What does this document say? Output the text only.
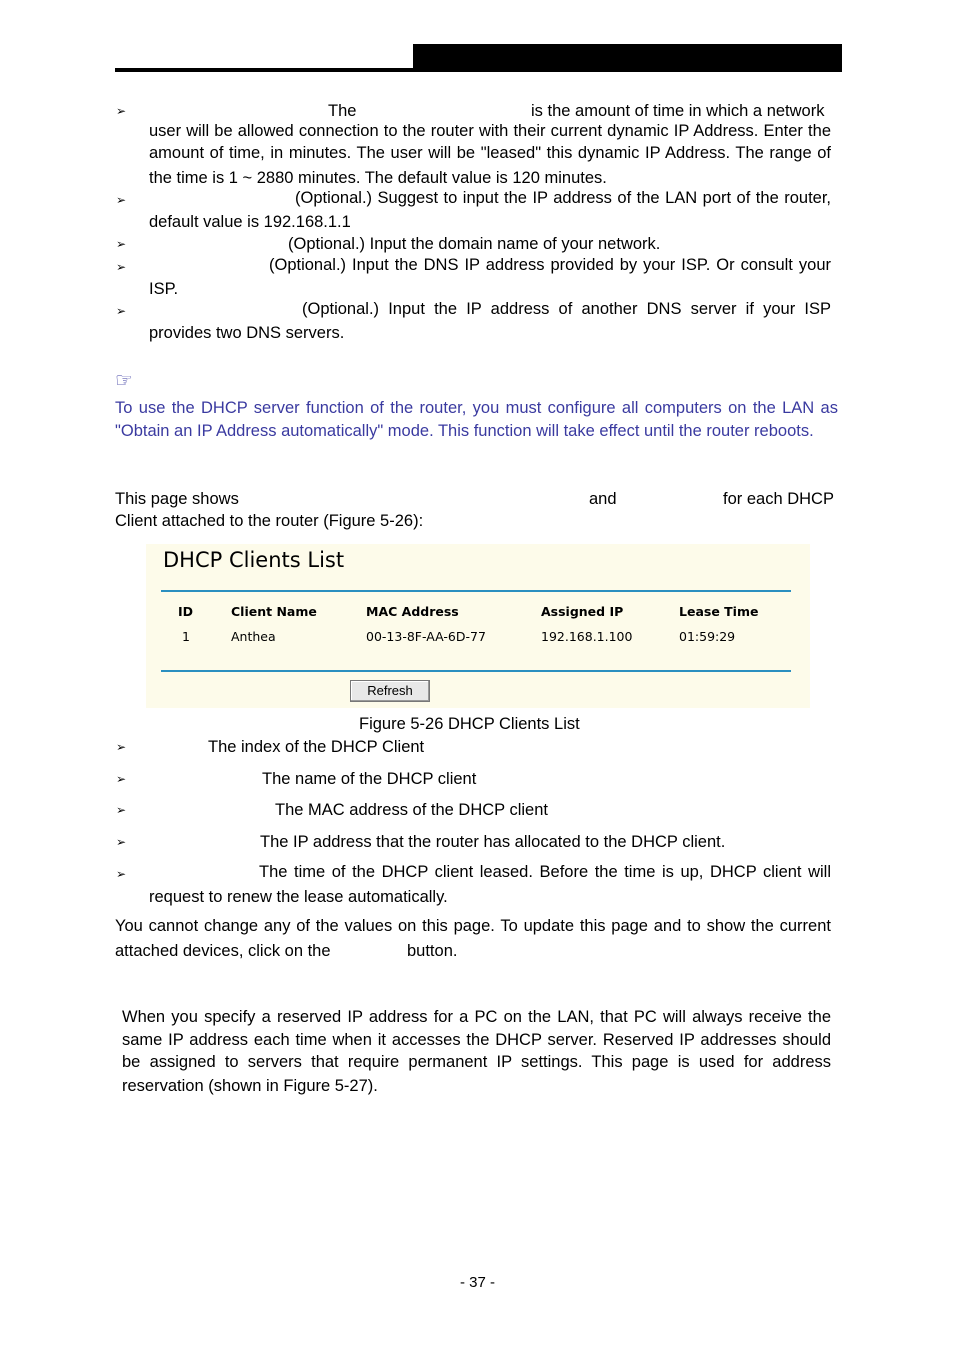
➢	The	is the amount of time in which a network
user will be allowed connection to the router with their current dynamic IP Address. Enter the
amount of time, in minutes. The user will be "leased" this dynamic IP Address. The range of
the time is 1 ~ 2880 minutes. The default value is 120 minutes.
➢	(Optional.) Suggest to input the IP address of the LAN port of the router,
default value is 192.168.1.1
➢	(Optional.) Input the domain name of your network.
➢	(Optional.) Input the DNS IP address provided by your ISP. Or consult your
ISP.
➢	(Optional.) Input the IP address of another DNS server if your ISP
provides two DNS servers.
☞
To use the DHCP server function of the router, you must configure all computers on the LAN as
"Obtain an IP Address automatically" mode. This function will take effect until the router reboots.
This page shows	and	for each DHCP
Client attached to the router (Figure 5-26):
DHCP Clients List
ID	Client Name	MAC Address	Assigned IP	Lease Time
1	Anthea	00-13-8F-AA-6D-77	192.168.1.100	01:59:29
Refresh
Figure 5-26 DHCP Clients List
➢	The index of the DHCP Client
➢	The name of the DHCP client
➢	The MAC address of the DHCP client
➢	The IP address that the router has allocated to the DHCP client.
➢	The time of the DHCP client leased. Before the time is up, DHCP client will
request to renew the lease automatically.
You cannot change any of the values on this page. To update this page and to show the current
attached devices, click on the	button.
When you specify a reserved IP address for a PC on the LAN, that PC will always receive the
same IP address each time when it accesses the DHCP server. Reserved IP addresses should
be assigned to servers that require permanent IP settings. This page is used for address
reservation (shown in Figure 5-27).
- 37 -
